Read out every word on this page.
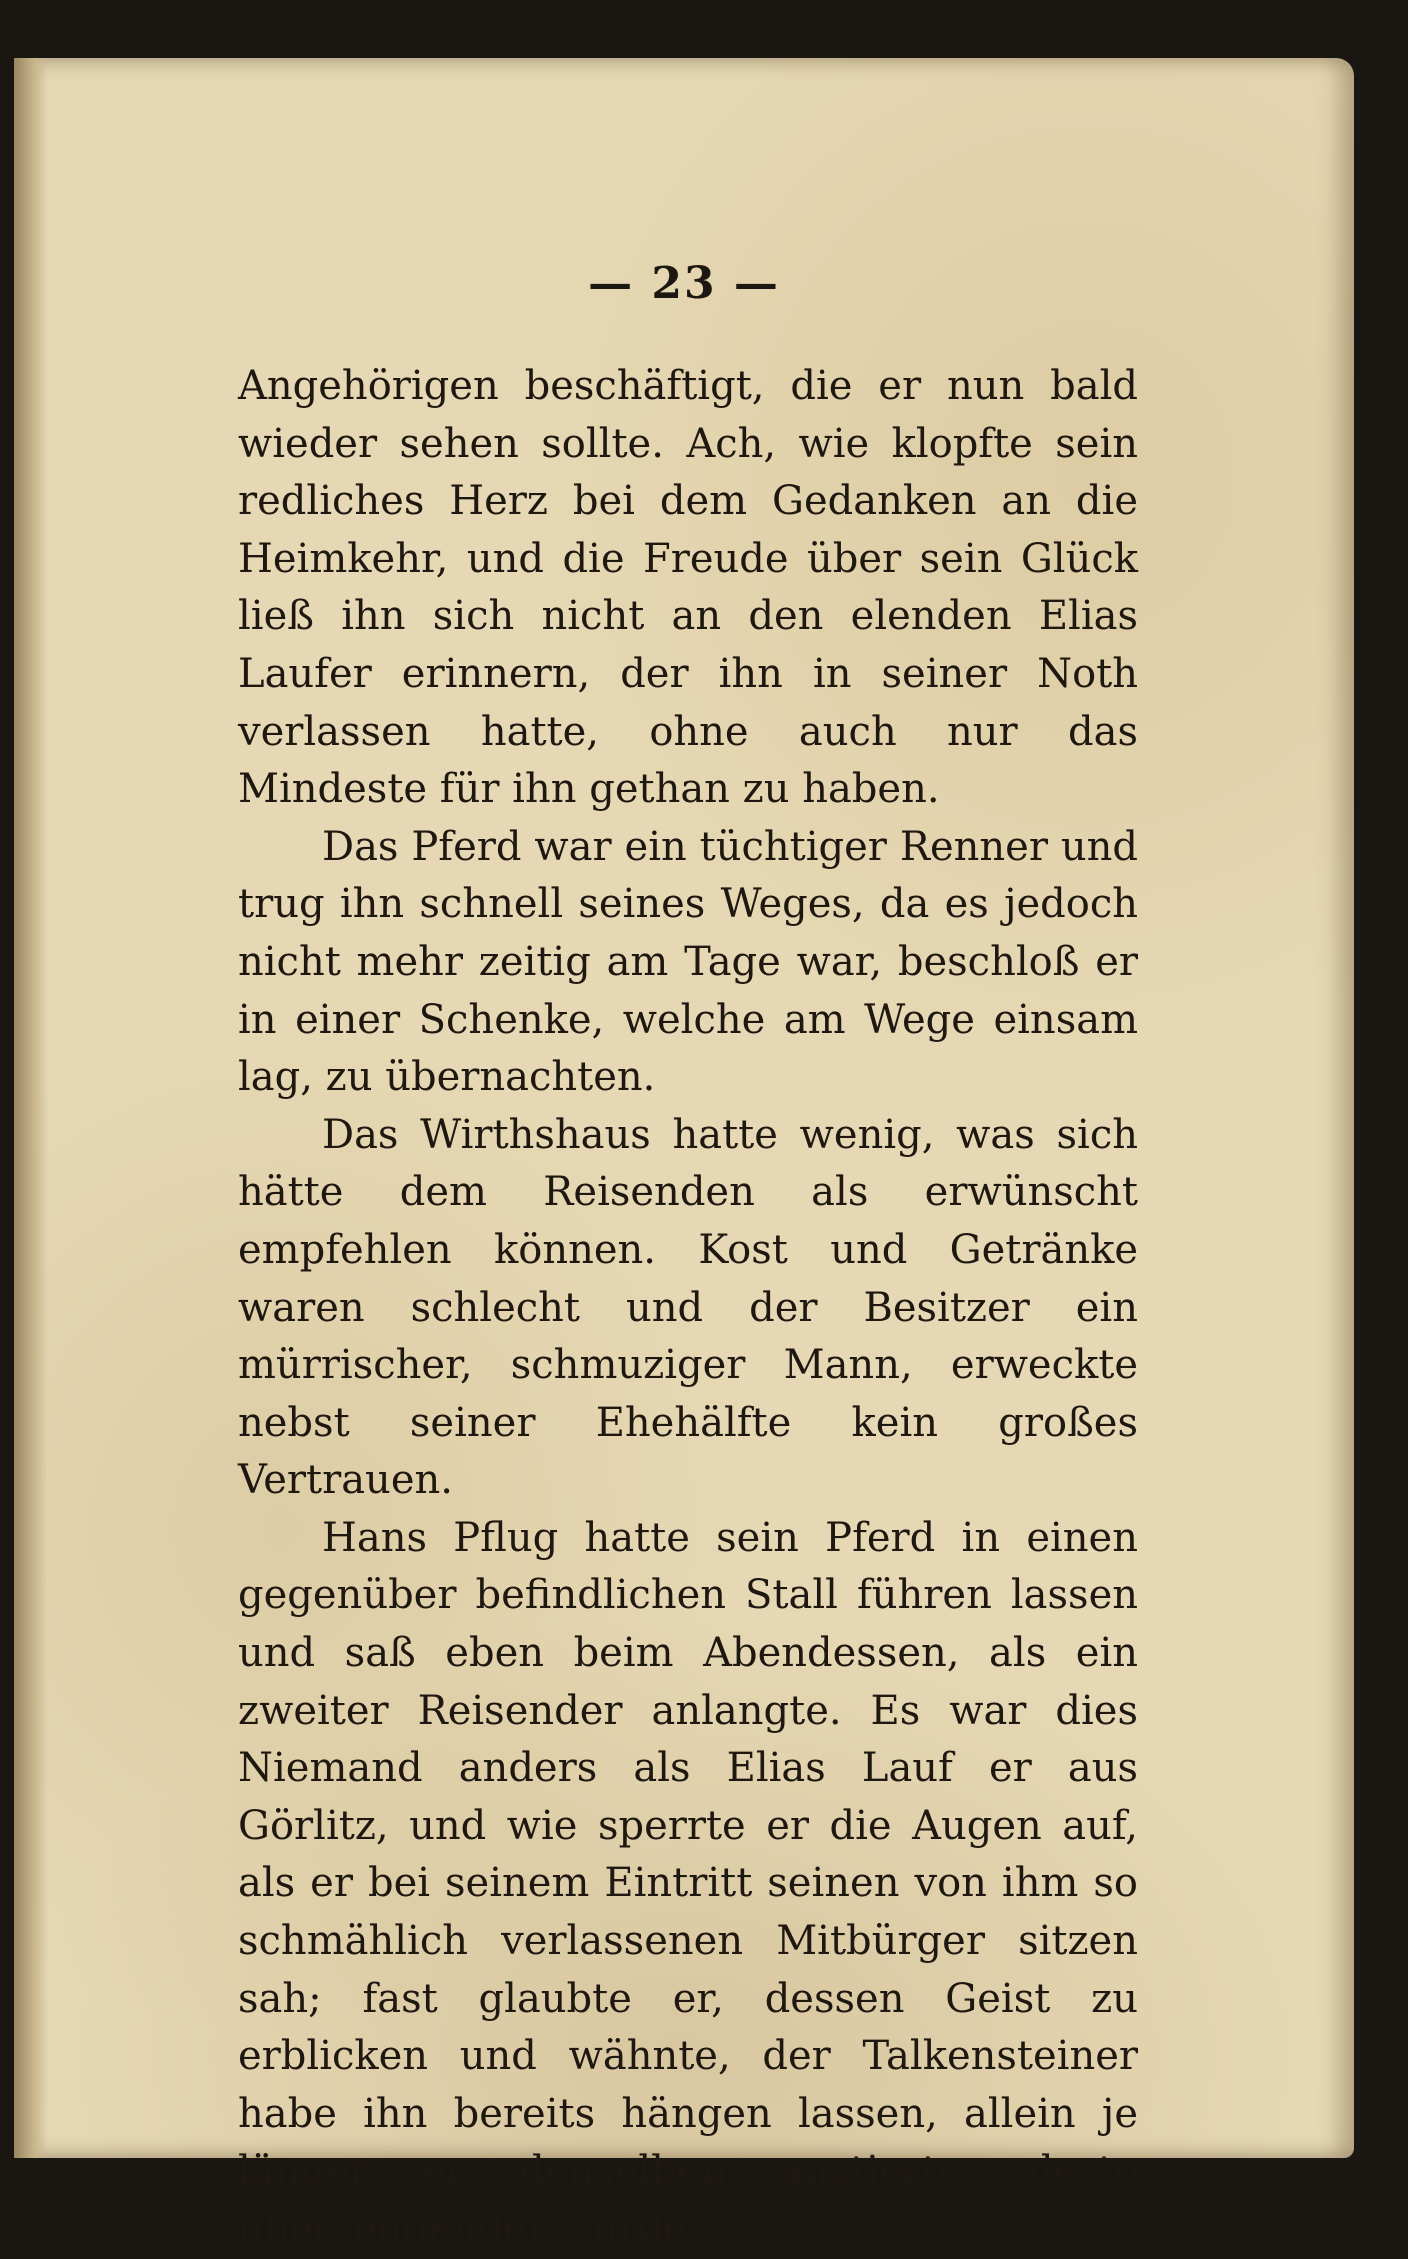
— 23 —

Angehörigen beschäftigt, die er nun bald wieder sehen sollte. Ach, wie klopfte sein redliches Herz bei dem Gedanken an die Heimkehr, und die Freude über sein Glück ließ ihn sich nicht an den elenden Elias Laufer erinnern, der ihn in seiner Noth verlassen hatte, ohne auch nur das Mindeste für ihn gethan zu haben.

Das Pferd war ein tüchtiger Renner und trug ihn schnell seines Weges, da es jedoch nicht mehr zeitig am Tage war, beschloß er in einer Schenke, welche am Wege einsam lag, zu übernachten.

Das Wirthshaus hatte wenig, was sich hätte dem Reisenden als erwünscht empfehlen können. Kost und Getränke waren schlecht und der Besitzer ein mürrischer, schmuziger Mann, erweckte nebst seiner Ehehälfte kein großes Vertrauen.

Hans Pflug hatte sein Pferd in einen gegenüber befindlichen Stall führen lassen und saß eben beim Abendessen, als ein zweiter Reisender anlangte. Es war dies Niemand anders als Elias Lauf er aus Görlitz, und wie sperrte er die Augen auf, als er bei seinem Eintritt seinen von ihm so schmählich verlassenen Mitbürger sitzen sah; fast glaubte er, dessen Geist zu erblicken und wähnte, der Talkensteiner habe ihn bereits hängen lassen, allein je länger er denselben anstierte, desto überzeugender wurde
